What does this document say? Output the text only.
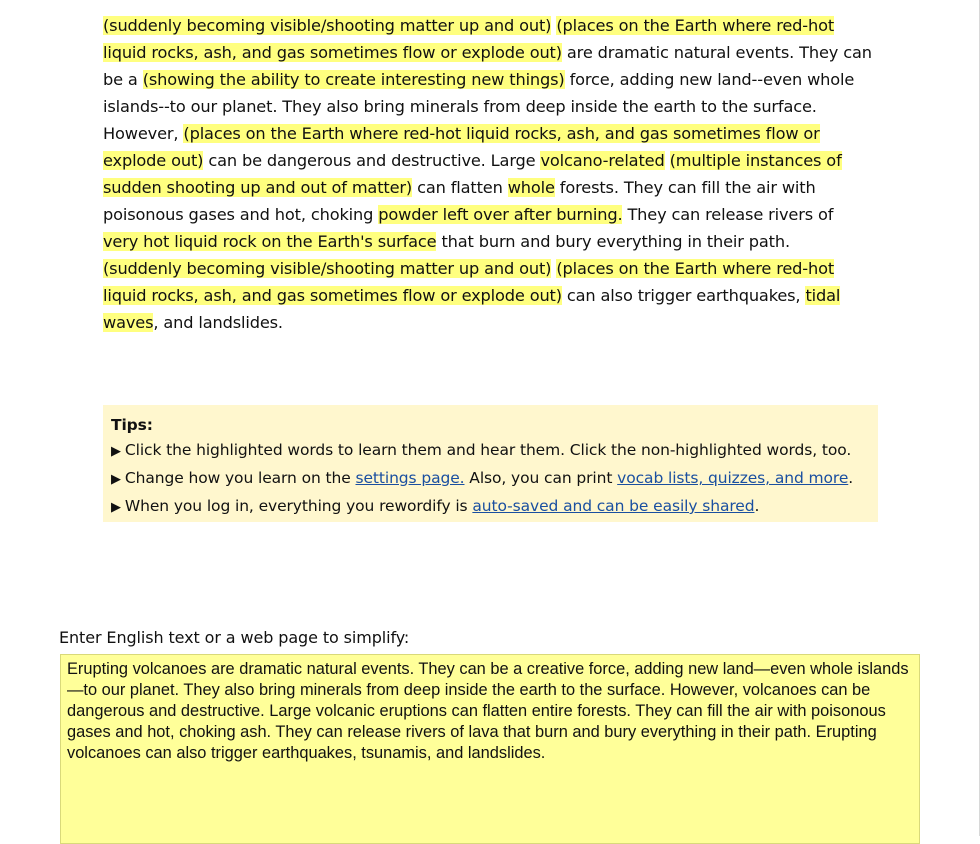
(suddenly becoming visible/shooting matter up and out) (places on the Earth where red-hot liquid rocks, ash, and gas sometimes flow or explode out) are dramatic natural events. They can be a (showing the ability to create interesting new things) force, adding new land--even whole islands--to our planet. They also bring minerals from deep inside the earth to the surface. However, (places on the Earth where red-hot liquid rocks, ash, and gas sometimes flow or explode out) can be dangerous and destructive. Large volcano-related (multiple instances of sudden shooting up and out of matter) can flatten whole forests. They can fill the air with poisonous gases and hot, choking powder left over after burning. They can release rivers of very hot liquid rock on the Earth's surface that burn and bury everything in their path. (suddenly becoming visible/shooting matter up and out) (places on the Earth where red-hot liquid rocks, ash, and gas sometimes flow or explode out) can also trigger earthquakes, tidal waves, and landslides.
Tips:
▶ Click the highlighted words to learn them and hear them. Click the non-highlighted words, too.
▶ Change how you learn on the settings page. Also, you can print vocab lists, quizzes, and more.
▶ When you log in, everything you rewordify is auto-saved and can be easily shared.
Enter English text or a web page to simplify:
Erupting volcanoes are dramatic natural events. They can be a creative force, adding new land—even whole islands—to our planet. They also bring minerals from deep inside the earth to the surface. However, volcanoes can be dangerous and destructive. Large volcanic eruptions can flatten entire forests. They can fill the air with poisonous gases and hot, choking ash. They can release rivers of lava that burn and bury everything in their path. Erupting volcanoes can also trigger earthquakes, tsunamis, and landslides.
